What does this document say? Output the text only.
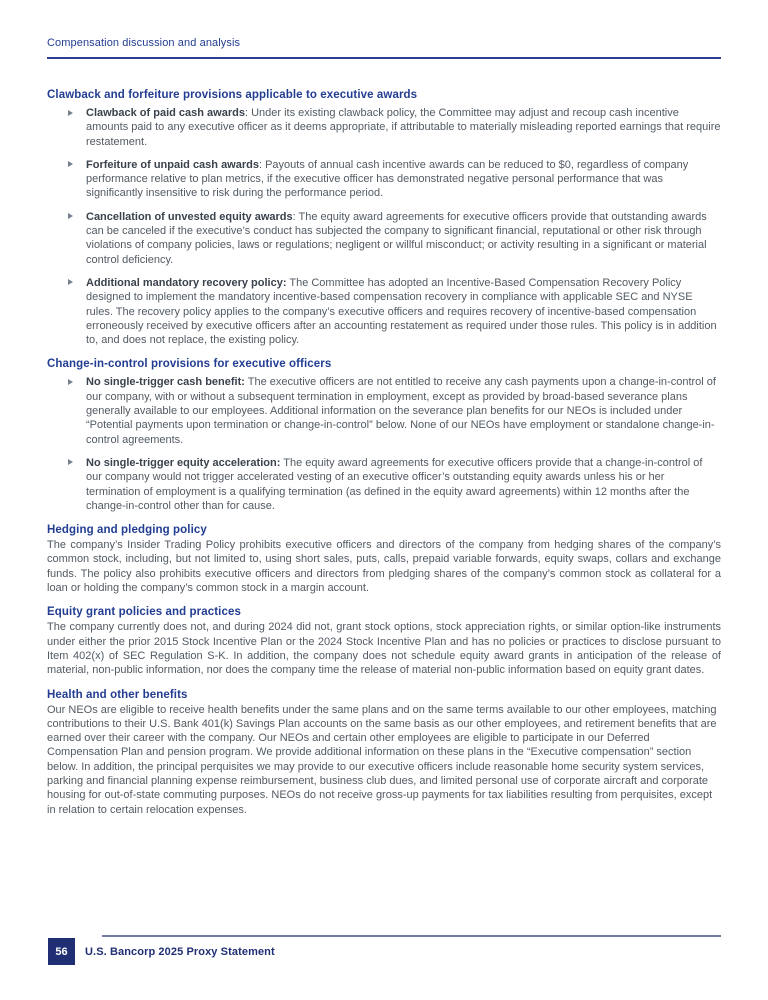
Compensation discussion and analysis
Clawback and forfeiture provisions applicable to executive awards
Clawback of paid cash awards: Under its existing clawback policy, the Committee may adjust and recoup cash incentive amounts paid to any executive officer as it deems appropriate, if attributable to materially misleading reported earnings that require restatement.
Forfeiture of unpaid cash awards: Payouts of annual cash incentive awards can be reduced to $0, regardless of company performance relative to plan metrics, if the executive officer has demonstrated negative personal performance that was significantly insensitive to risk during the performance period.
Cancellation of unvested equity awards: The equity award agreements for executive officers provide that outstanding awards can be canceled if the executive’s conduct has subjected the company to significant financial, reputational or other risk through violations of company policies, laws or regulations; negligent or willful misconduct; or activity resulting in a significant or material control deficiency.
Additional mandatory recovery policy: The Committee has adopted an Incentive-Based Compensation Recovery Policy designed to implement the mandatory incentive-based compensation recovery in compliance with applicable SEC and NYSE rules. The recovery policy applies to the company’s executive officers and requires recovery of incentive-based compensation erroneously received by executive officers after an accounting restatement as required under those rules. This policy is in addition to, and does not replace, the existing policy.
Change-in-control provisions for executive officers
No single-trigger cash benefit: The executive officers are not entitled to receive any cash payments upon a change-in-control of our company, with or without a subsequent termination in employment, except as provided by broad-based severance plans generally available to our employees. Additional information on the severance plan benefits for our NEOs is included under “Potential payments upon termination or change-in-control” below. None of our NEOs have employment or standalone change-in-control agreements.
No single-trigger equity acceleration: The equity award agreements for executive officers provide that a change-in-control of our company would not trigger accelerated vesting of an executive officer’s outstanding equity awards unless his or her termination of employment is a qualifying termination (as defined in the equity award agreements) within 12 months after the change-in-control other than for cause.
Hedging and pledging policy

The company’s Insider Trading Policy prohibits executive officers and directors of the company from hedging shares of the company’s common stock, including, but not limited to, using short sales, puts, calls, prepaid variable forwards, equity swaps, collars and exchange funds. The policy also prohibits executive officers and directors from pledging shares of the company’s common stock as collateral for a loan or holding the company’s common stock in a margin account.

Equity grant policies and practices

The company currently does not, and during 2024 did not, grant stock options, stock appreciation rights, or similar option-like instruments under either the prior 2015 Stock Incentive Plan or the 2024 Stock Incentive Plan and has no policies or practices to disclose pursuant to Item 402(x) of SEC Regulation S-K. In addition, the company does not schedule equity award grants in anticipation of the release of material, non-public information, nor does the company time the release of material non-public information based on equity grant dates.

Health and other benefits

Our NEOs are eligible to receive health benefits under the same plans and on the same terms available to our other employees, matching contributions to their U.S. Bank 401(k) Savings Plan accounts on the same basis as our other employees, and retirement benefits that are earned over their career with the company. Our NEOs and certain other employees are eligible to participate in our Deferred Compensation Plan and pension program. We provide additional information on these plans in the “Executive compensation” section below. In addition, the principal perquisites we may provide to our executive officers include reasonable home security system services, parking and financial planning expense reimbursement, business club dues, and limited personal use of corporate aircraft and corporate housing for out-of-state commuting purposes. NEOs do not receive gross-up payments for tax liabilities resulting from perquisites, except in relation to certain relocation expenses.

56	U.S. Bancorp 2025 Proxy Statement
